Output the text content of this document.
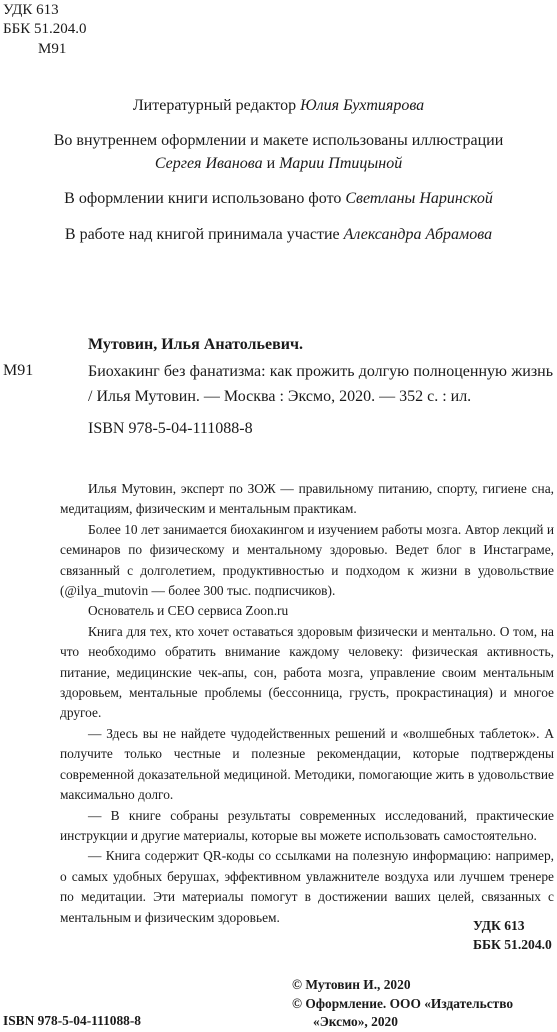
УДК 613
ББК 51.204.0
М91
Литературный редактор Юлия Бухтиярова
Во внутреннем оформлении и макете использованы иллюстрации
Сергея Иванова и Марии Птицыной
В оформлении книги использовано фото Светланы Наринской
В работе над книгой принимала участие Александра Абрамова
Мутовин, Илья Анатольевич.
М91	Биохакинг без фанатизма: как прожить долгую полноценную жизнь / Илья Мутовин. — Москва : Эксмо, 2020. — 352 с. : ил.
ISBN 978-5-04-111088-8

Илья Мутовин, эксперт по ЗОЖ — правильному питанию, спорту, гигиене сна, медитациям, физическим и ментальным практикам.

Более 10 лет занимается биохакингом и изучением работы мозга. Автор лекций и семинаров по физическому и ментальному здоровью. Ведет блог в Инстаграме, связанный с долголетием, продуктивностью и подходом к жизни в удовольствие (@ilya_mutovin — более 300 тыс. подписчиков).

Основатель и CEO сервиса Zoon.ru

Книга для тех, кто хочет оставаться здоровым физически и ментально. О том, на что необходимо обратить внимание каждому человеку: физическая активность, питание, медицинские чек-апы, сон, работа мозга, управление своим ментальным здоровьем, ментальные проблемы (бессонница, грусть, прокрастинация) и многое другое.

— Здесь вы не найдете чудодейственных решений и «волшебных таблеток». А получите только честные и полезные рекомендации, которые подтверждены современной доказательной медициной. Методики, помогающие жить в удовольствие максимально долго.

— В книге собраны результаты современных исследований, практические инструкции и другие материалы, которые вы можете использовать самостоятельно.

— Книга содержит QR-коды со ссылками на полезную информацию: например, о самых удобных берушах, эффективном увлажнителе воздуха или лучшем тренере по медитации. Эти материалы помогут в достижении ваших целей, связанных с ментальным и физическим здоровьем.

УДК 613
ББК 51.204.0
© Мутовин И., 2020
© Оформление. ООО «Издательство
«Эксмо», 2020
ISBN 978-5-04-111088-8
